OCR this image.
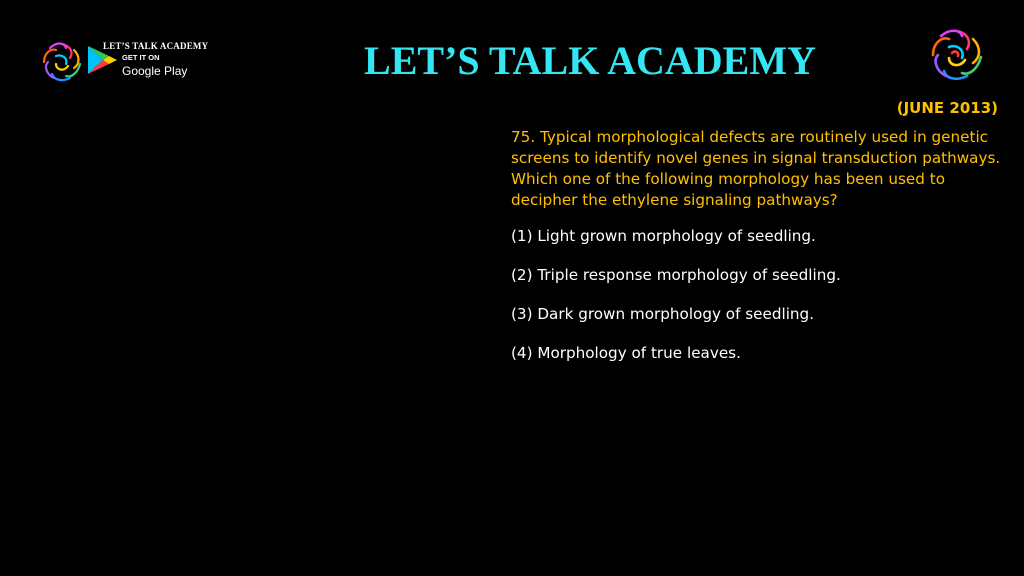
LET’S TALK ACADEMY
GET IT ON
Google Play	LET’S TALK ACADEMY
(JUNE 2013)

75. Typical morphological defects are routinely used in genetic screens to identify novel genes in signal transduction pathways. Which one of the following morphology has been used to decipher the ethylene signaling pathways?

(1) Light grown morphology of seedling.
(2) Triple response morphology of seedling.
(3) Dark grown morphology of seedling.
(4) Morphology of true leaves.
